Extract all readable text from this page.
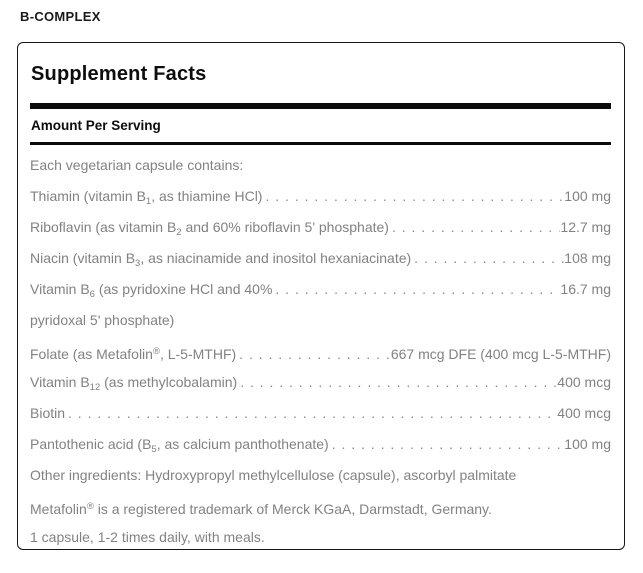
B-COMPLEX
Supplement Facts
Amount Per Serving
Each vegetarian capsule contains:
Thiamin (vitamin $B_1$, as thiamine HCl) . . .	100 mg
Riboflavin (as vitamin $B_2$ and 60% riboflavin 5' phosphate) . . .	12.7 mg
Niacin (vitamin $B_3$, as niacinamide and inositol hexaniacinate) . . .	108 mg
Vitamin $B_6$ (as pyridoxine HCl and 40% . . .	16.7 mg
pyridoxal 5' phosphate)
Folate (as Metafolin®, L-5-MTHF) . . .	667 mcg DFE (400 mcg L-5-MTHF)
Vitamin $B_{12}$ (as methylcobalamin) . . .	400 mcg
Biotin . . .	400 mcg
Pantothenic acid ($B_5$, as calcium panthothenate) . . .	100 mg
Other ingredients: Hydroxypropyl methylcellulose (capsule), ascorbyl palmitate
Metafolin® is a registered trademark of Merck KGaA, Darmstadt, Germany.
1 capsule, 1-2 times daily, with meals.
